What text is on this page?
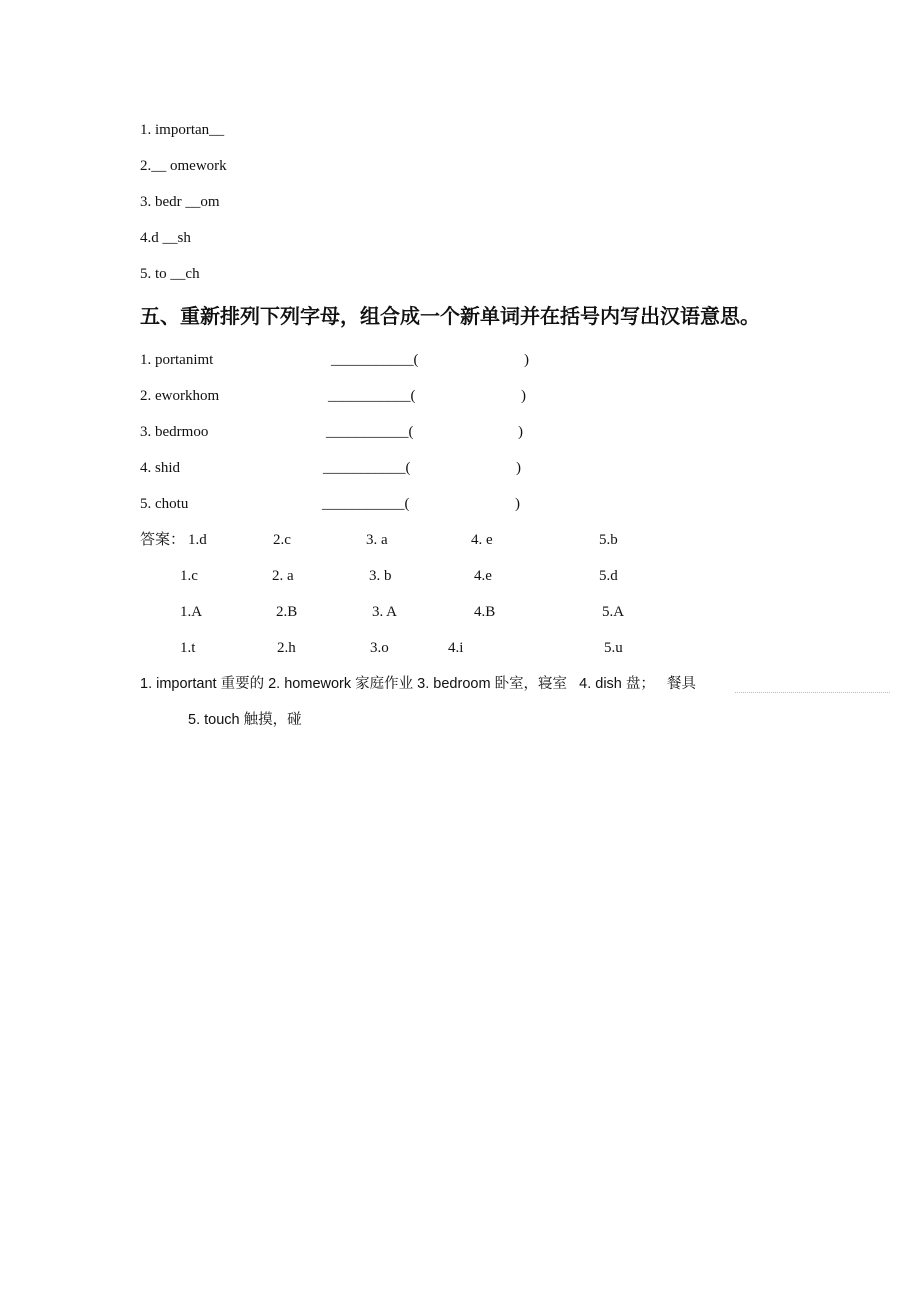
1. importan__
2.__ omework
3. bedr __om
4.d __sh
5. to __ch
五、重新排列下列字母，组合成一个新单词并在括号内写出汉语意思。
1. portanimt	___________(	)
2. eworkhom	___________(	)
3. bedrmoo	___________(	)
4. shid	___________(	)
5. chotu	___________(	)
答案： 1.d	2.c	3. a	4. e	5.b
1.c	2. a	3. b	4.e	5.d
1.A	2.B	3. A	4.B	5.A
1.t	2.h	3.o	4.i	5.u
1. important 重要的 2. homework 家庭作业 3. bedroom 卧室，寝室   4. dish 盘；   餐具
5. touch 触摸，碰
